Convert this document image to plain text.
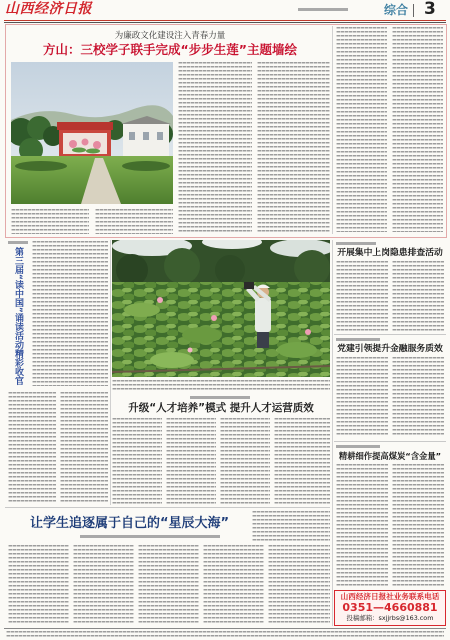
山西经济日报	综合 3
为廉政文化建设注入青春力量
方山：三校学子联手完成“步步生莲”主题墙绘
第三届“读中国”诵读活动精彩收官
升级“人才培养”模式 提升人才运营质效
开展集中上岗隐患排查活动
党建引领提升金融服务质效
精耕细作提高煤炭“含金量”
山西经济日报社业务联系电话
0351—4660881
投稿邮箱：sxjjrbs@163.com
让学生追逐属于自己的“星辰大海”
